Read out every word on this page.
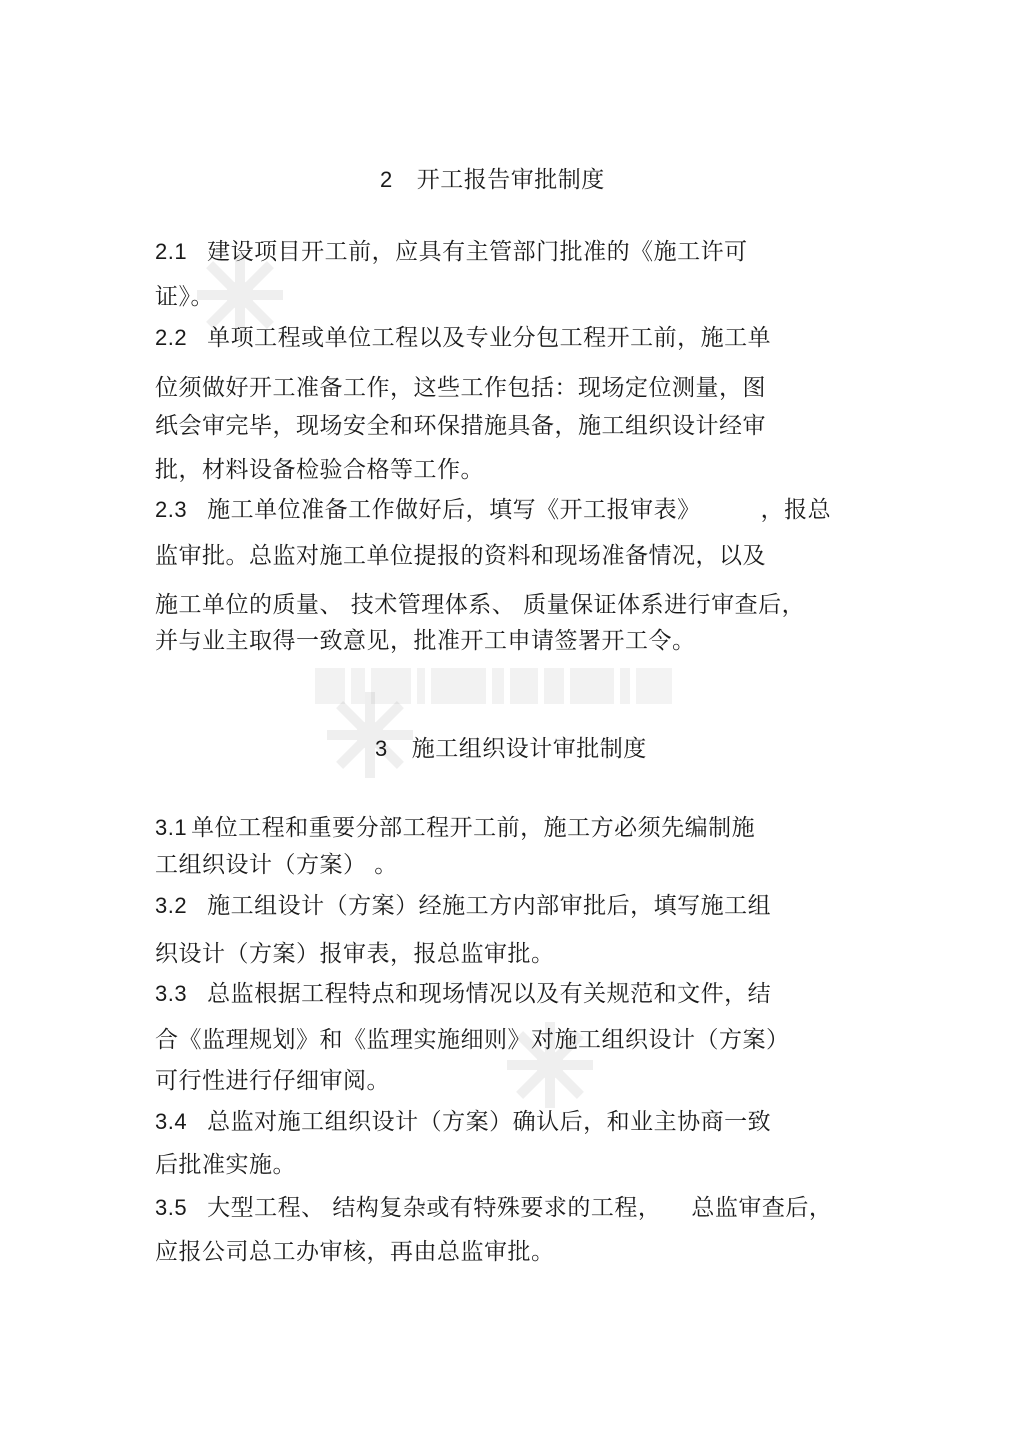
2 开工报告审批制度
2.1 建设项目开工前，应具有主管部门批准的《施工许可
证》。
2.2 单项工程或单位工程以及专业分包工程开工前，施工单
位须做好开工准备工作，这些工作包括：现场定位测量，图
纸会审完毕，现场安全和环保措施具备，施工组织设计经审
批，材料设备检验合格等工作。
2.3 施工单位准备工作做好后，填写《开工报审表》	，报总
监审批。总监对施工单位提报的资料和现场准备情况，以及
施工单位的质量、 技术管理体系、 质量保证体系进行审查后，
并与业主取得一致意见，批准开工申请签署开工令。
3 施工组织设计审批制度
3.1 单位工程和重要分部工程开工前，施工方必须先编制施
工组织设计（方案） 。
3.2 施工组设计（方案）经施工方内部审批后，填写施工组
织设计（方案）报审表，报总监审批。
3.3 总监根据工程特点和现场情况以及有关规范和文件，结
合《监理规划》和《监理实施细则》对施工组织设计（方案）
可行性进行仔细审阅。
3.4 总监对施工组织设计（方案）确认后，和业主协商一致
后批准实施。
3.5 大型工程、 结构复杂或有特殊要求的工程， 总监审查后，
应报公司总工办审核，再由总监审批。
